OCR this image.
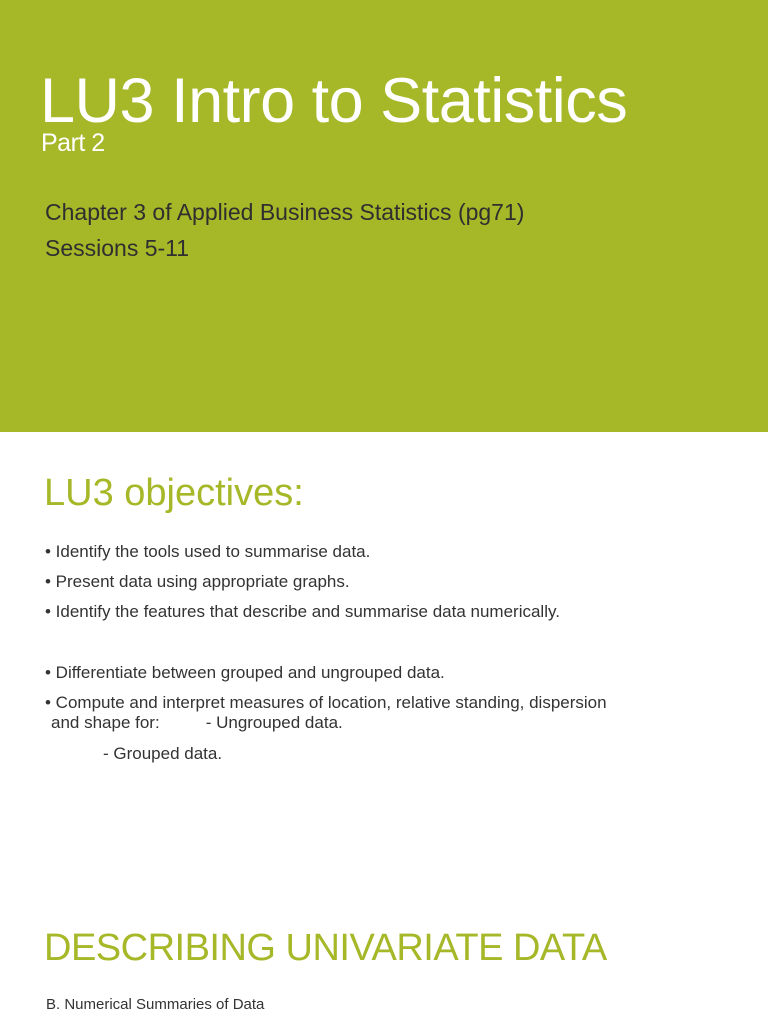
LU3 Intro to Statistics
Part 2
Chapter 3 of Applied Business Statistics (pg71)
Sessions 5-11
LU3 objectives:
• Identify the tools used to summarise data.
• Present data using appropriate graphs.
• Identify the features that describe and summarise data numerically.
• Differentiate between grouped and ungrouped data.
• Compute and interpret measures of location, relative standing, dispersion
and shape for:	- Ungrouped data.
- Grouped data.
DESCRIBING UNIVARIATE DATA
B. Numerical Summaries of Data
